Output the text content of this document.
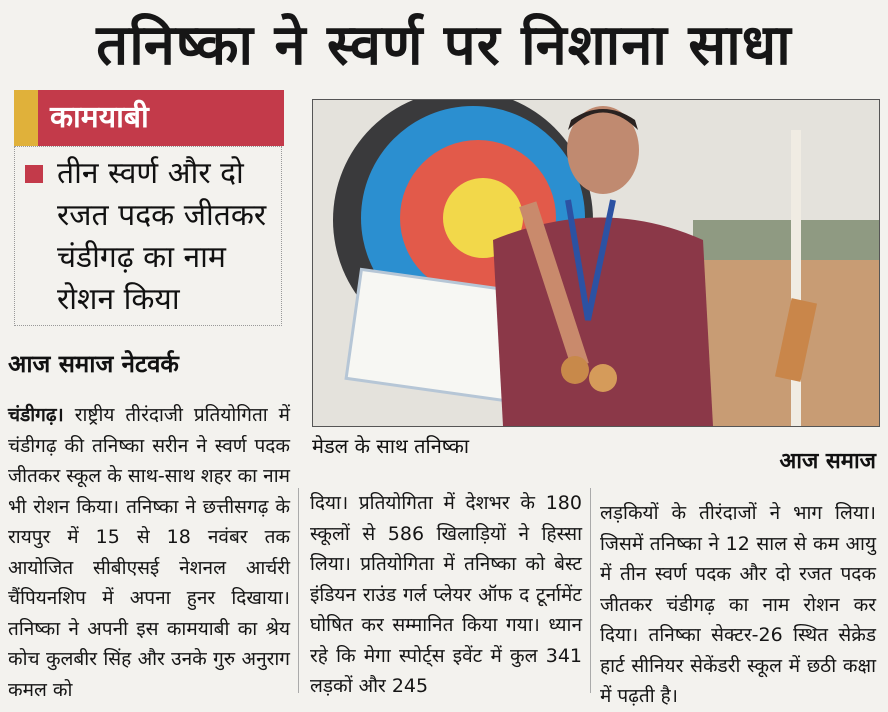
तनिष्का ने स्वर्ण पर निशाना साधा
कामयाबी
तीन स्वर्ण और दो रजत पदक जीतकर चंडीगढ़ का नाम रोशन किया
आज समाज नेटवर्क
मेडल के साथ तनिष्का
आज समाज
चंडीगढ़। राष्ट्रीय तीरंदाजी प्रतियोगिता में चंडीगढ़ की तनिष्का सरीन ने स्वर्ण पदक जीतकर स्कूल के साथ-साथ शहर का नाम भी रोशन किया। तनिष्का ने छत्तीसगढ़ के रायपुर में 15 से 18 नवंबर तक आयोजित सीबीएसई नेशनल आर्चरी चैंपियनशिप में अपना हुनर दिखाया। तनिष्का ने अपनी इस कामयाबी का श्रेय कोच कुलबीर सिंह और उनके गुरु अनुराग कमल को
दिया। प्रतियोगिता में देशभर के 180 स्कूलों से 586 खिलाड़ियों ने हिस्सा लिया। प्रतियोगिता में तनिष्का को बेस्ट इंडियन राउंड गर्ल प्लेयर ऑफ द टूर्नामेंट घोषित कर सम्मानित किया गया। ध्यान रहे कि मेगा स्पोर्ट्स इवेंट में कुल 341 लड़कों और 245
लड़कियों के तीरंदाजों ने भाग लिया। जिसमें तनिष्का ने 12 साल से कम आयु में तीन स्वर्ण पदक और दो रजत पदक जीतकर चंडीगढ़ का नाम रोशन कर दिया। तनिष्का सेक्टर-26 स्थित सेक्रेड हार्ट सीनियर सेकेंडरी स्कूल में छठी कक्षा में पढ़ती है।
